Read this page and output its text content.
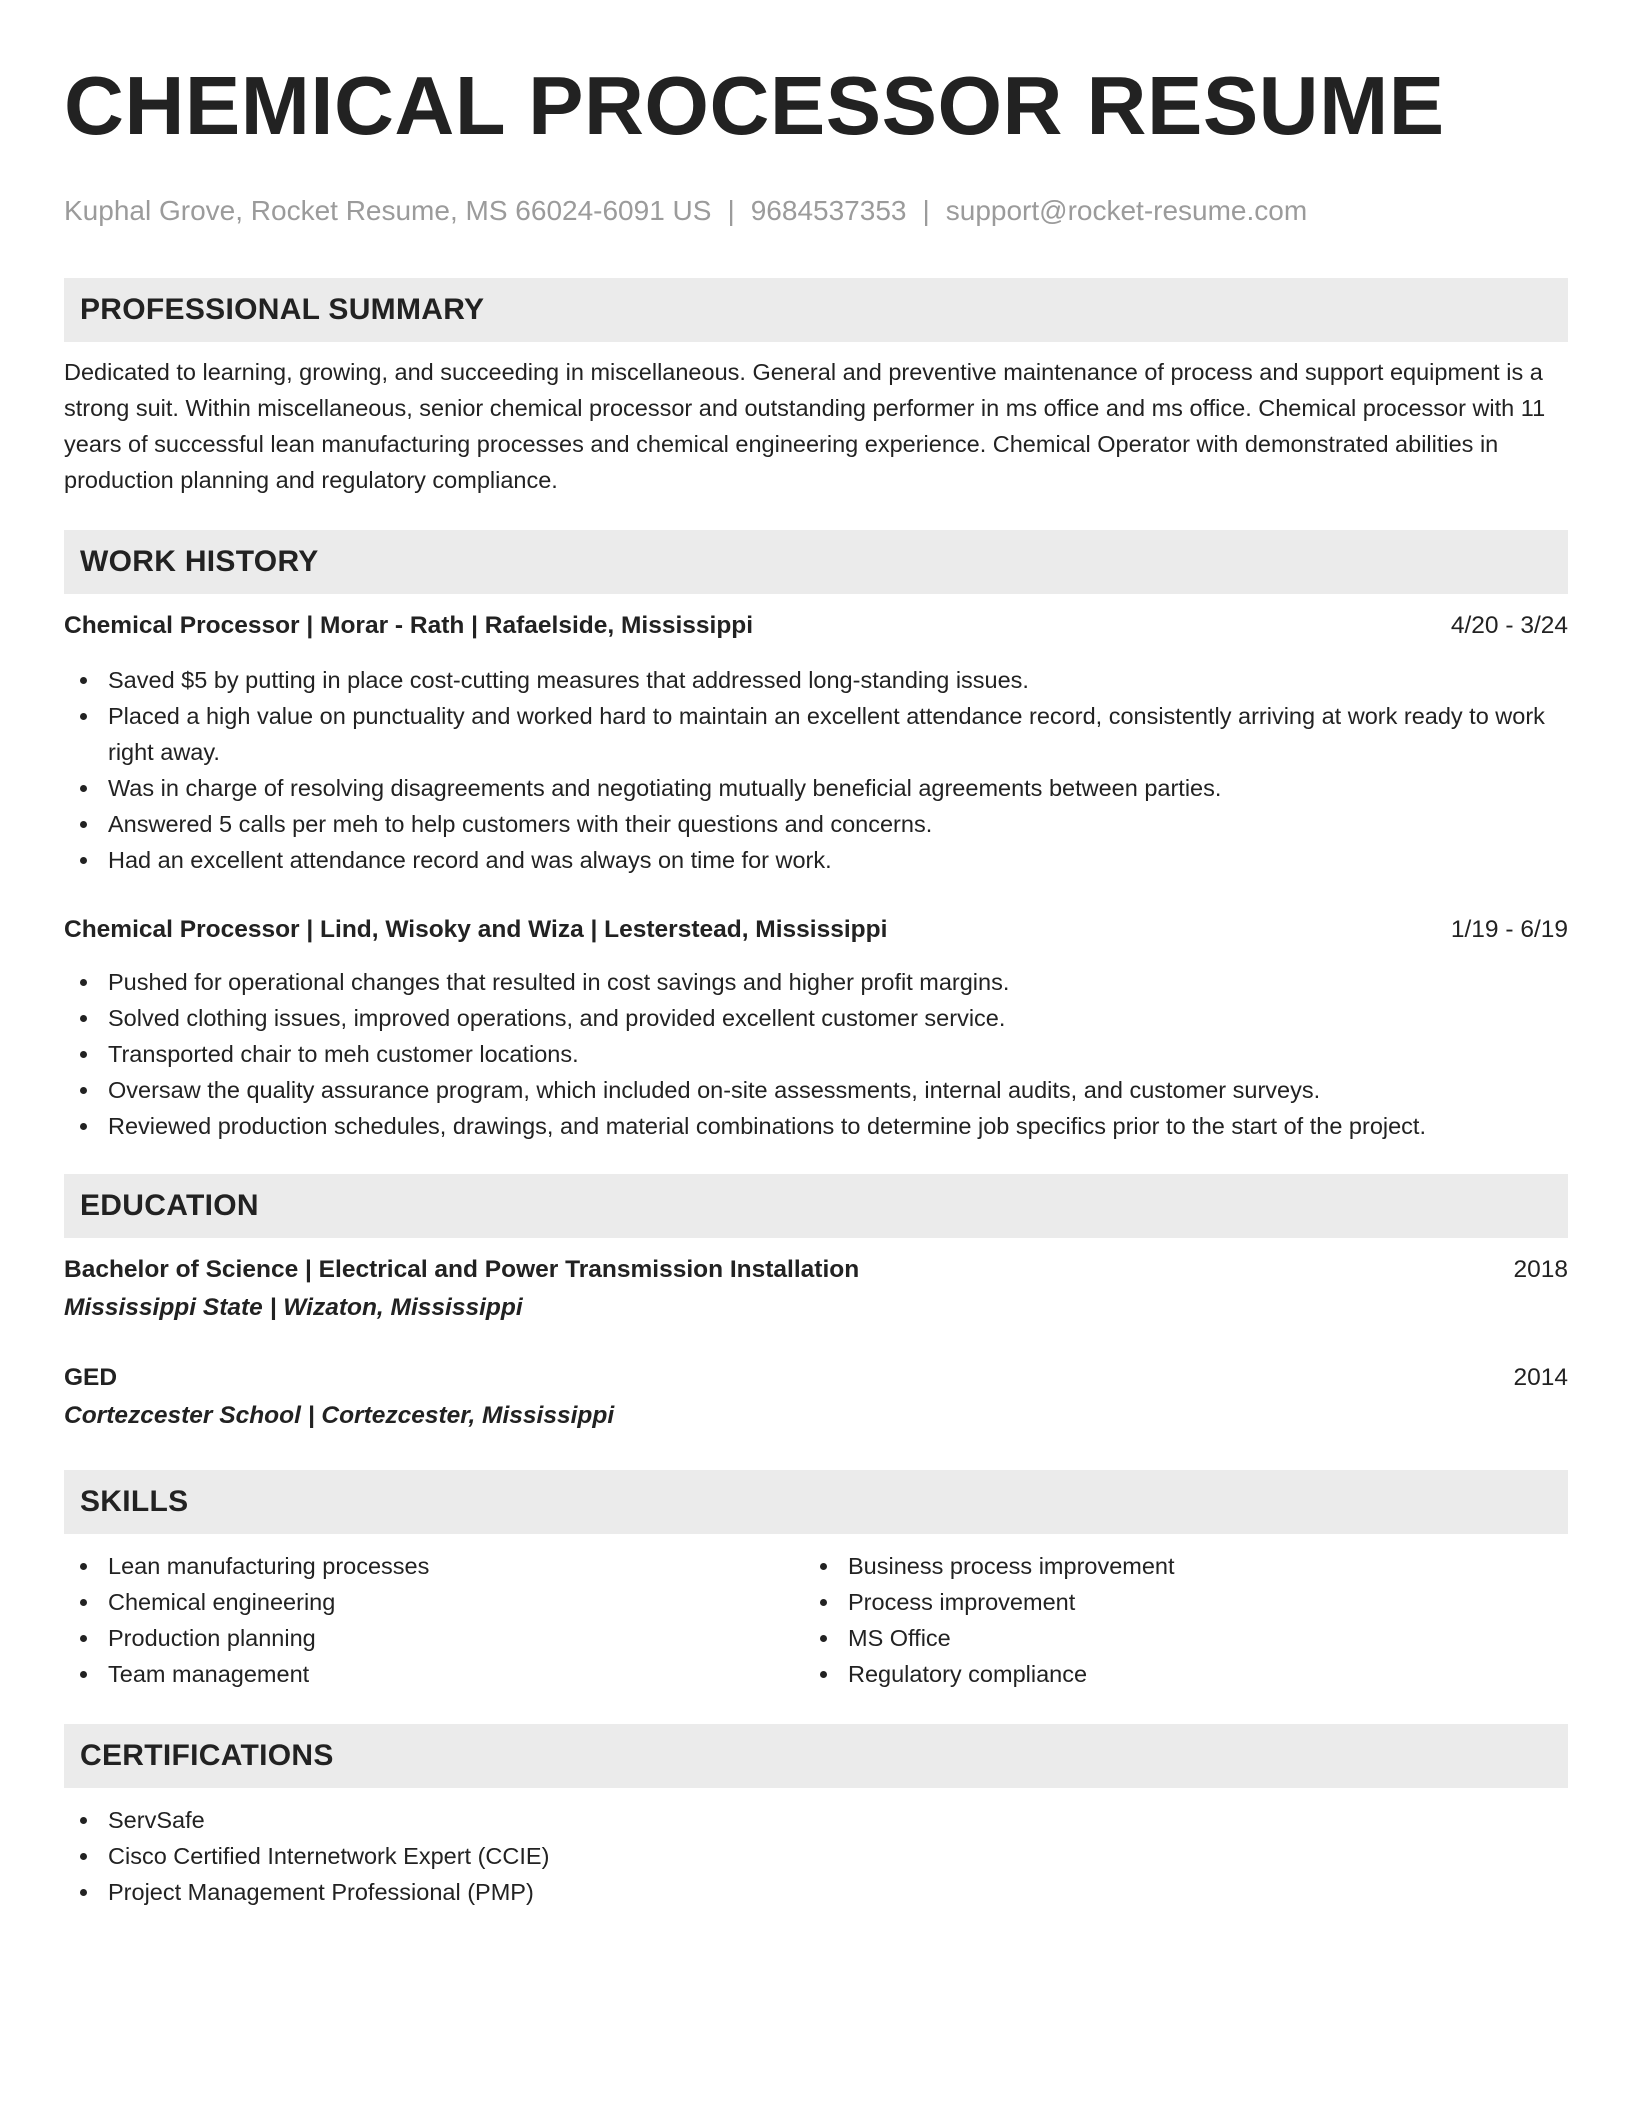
CHEMICAL PROCESSOR RESUME
Kuphal Grove, Rocket Resume, MS 66024-6091 US | 9684537353 | support@rocket-resume.com
PROFESSIONAL SUMMARY

Dedicated to learning, growing, and succeeding in miscellaneous. General and preventive maintenance of process and support equipment is a strong suit. Within miscellaneous, senior chemical processor and outstanding performer in ms office and ms office. Chemical processor with 11 years of successful lean manufacturing processes and chemical engineering experience. Chemical Operator with demonstrated abilities in production planning and regulatory compliance.

WORK HISTORY
Chemical Processor | Morar - Rath | Rafaelside, Mississippi	4/20 - 3/24
Saved $5 by putting in place cost-cutting measures that addressed long-standing issues.
Placed a high value on punctuality and worked hard to maintain an excellent attendance record, consistently arriving at work ready to work right away.
Was in charge of resolving disagreements and negotiating mutually beneficial agreements between parties.
Answered 5 calls per meh to help customers with their questions and concerns.
Had an excellent attendance record and was always on time for work.
Chemical Processor | Lind, Wisoky and Wiza | Lesterstead, Mississippi	1/19 - 6/19
Pushed for operational changes that resulted in cost savings and higher profit margins.
Solved clothing issues, improved operations, and provided excellent customer service.
Transported chair to meh customer locations.
Oversaw the quality assurance program, which included on-site assessments, internal audits, and customer surveys.
Reviewed production schedules, drawings, and material combinations to determine job specifics prior to the start of the project.
EDUCATION
Bachelor of Science | Electrical and Power Transmission Installation	2018
Mississippi State | Wizaton, Mississippi
GED	2014
Cortezcester School | Cortezcester, Mississippi
SKILLS
Lean manufacturing processes
Chemical engineering
Production planning
Team management
Business process improvement
Process improvement
MS Office
Regulatory compliance
CERTIFICATIONS
ServSafe
Cisco Certified Internetwork Expert (CCIE)
Project Management Professional (PMP)
